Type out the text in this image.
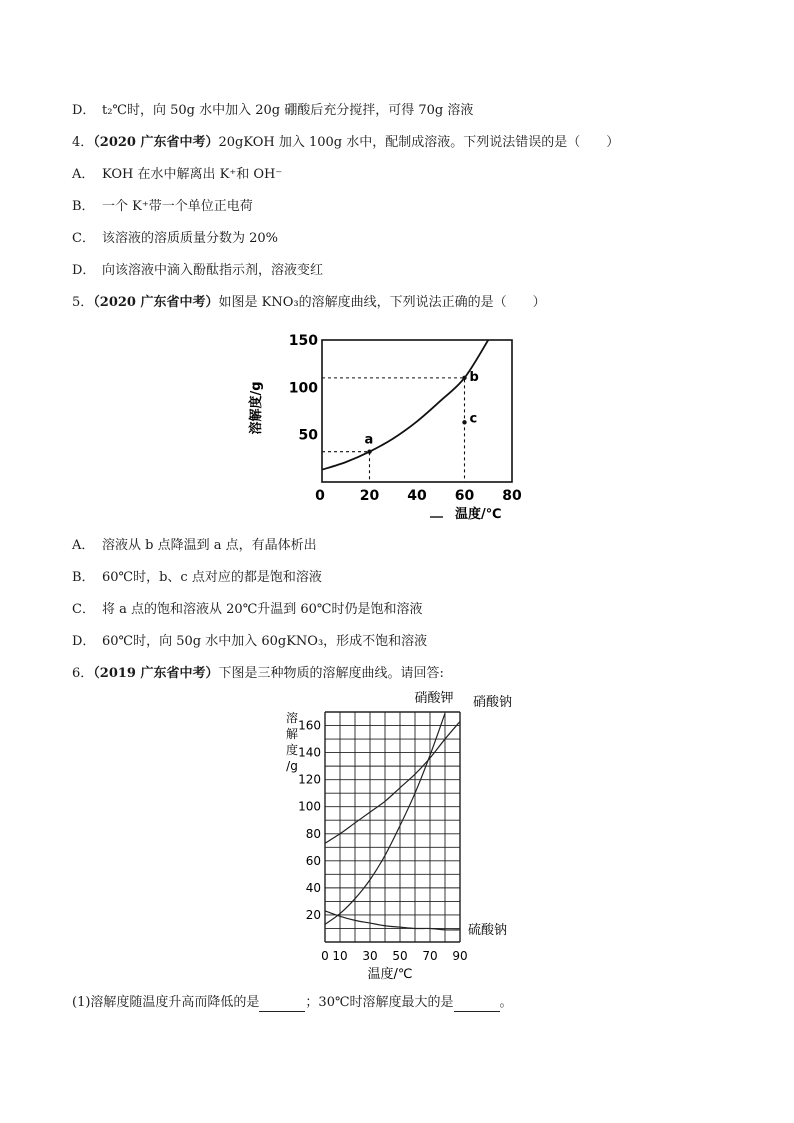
D． t₂℃时，向 50g 水中加入 20g 硼酸后充分搅拌，可得 70g 溶液
4．（2020 广东省中考）20gKOH 加入 100g 水中，配制成溶液。下列说法错误的是（　　）
A． KOH 在水中解离出 K⁺和 OH⁻
B． 一个 K⁺带一个单位正电荷
C． 该溶液的溶质质量分数为 20%
D． 向该溶液中滴入酚酞指示剂，溶液变红
5．（2020 广东省中考）如图是 KNO₃的溶解度曲线，下列说法正确的是（　　）
a
b
c
50
100
150
0 20 40 60 80
溶解度/g
温度/℃
A． 溶液从 b 点降温到 a 点，有晶体析出
B． 60℃时，b、c 点对应的都是饱和溶液
C． 将 a 点的饱和溶液从 20℃升温到 60℃时仍是饱和溶液
D． 60℃时，向 50g 水中加入 60gKNO₃，形成不饱和溶液
6．（2019 广东省中考）下图是三种物质的溶解度曲线。请回答:
20
40
60
80
100
120
140
160
0 10 30 50 70 90
硝酸钾 硝酸钠
硫酸钠
溶
解
度
/g
温度/℃
(1)溶解度随温度升高而降低的是	；30℃时溶解度最大的是	。
